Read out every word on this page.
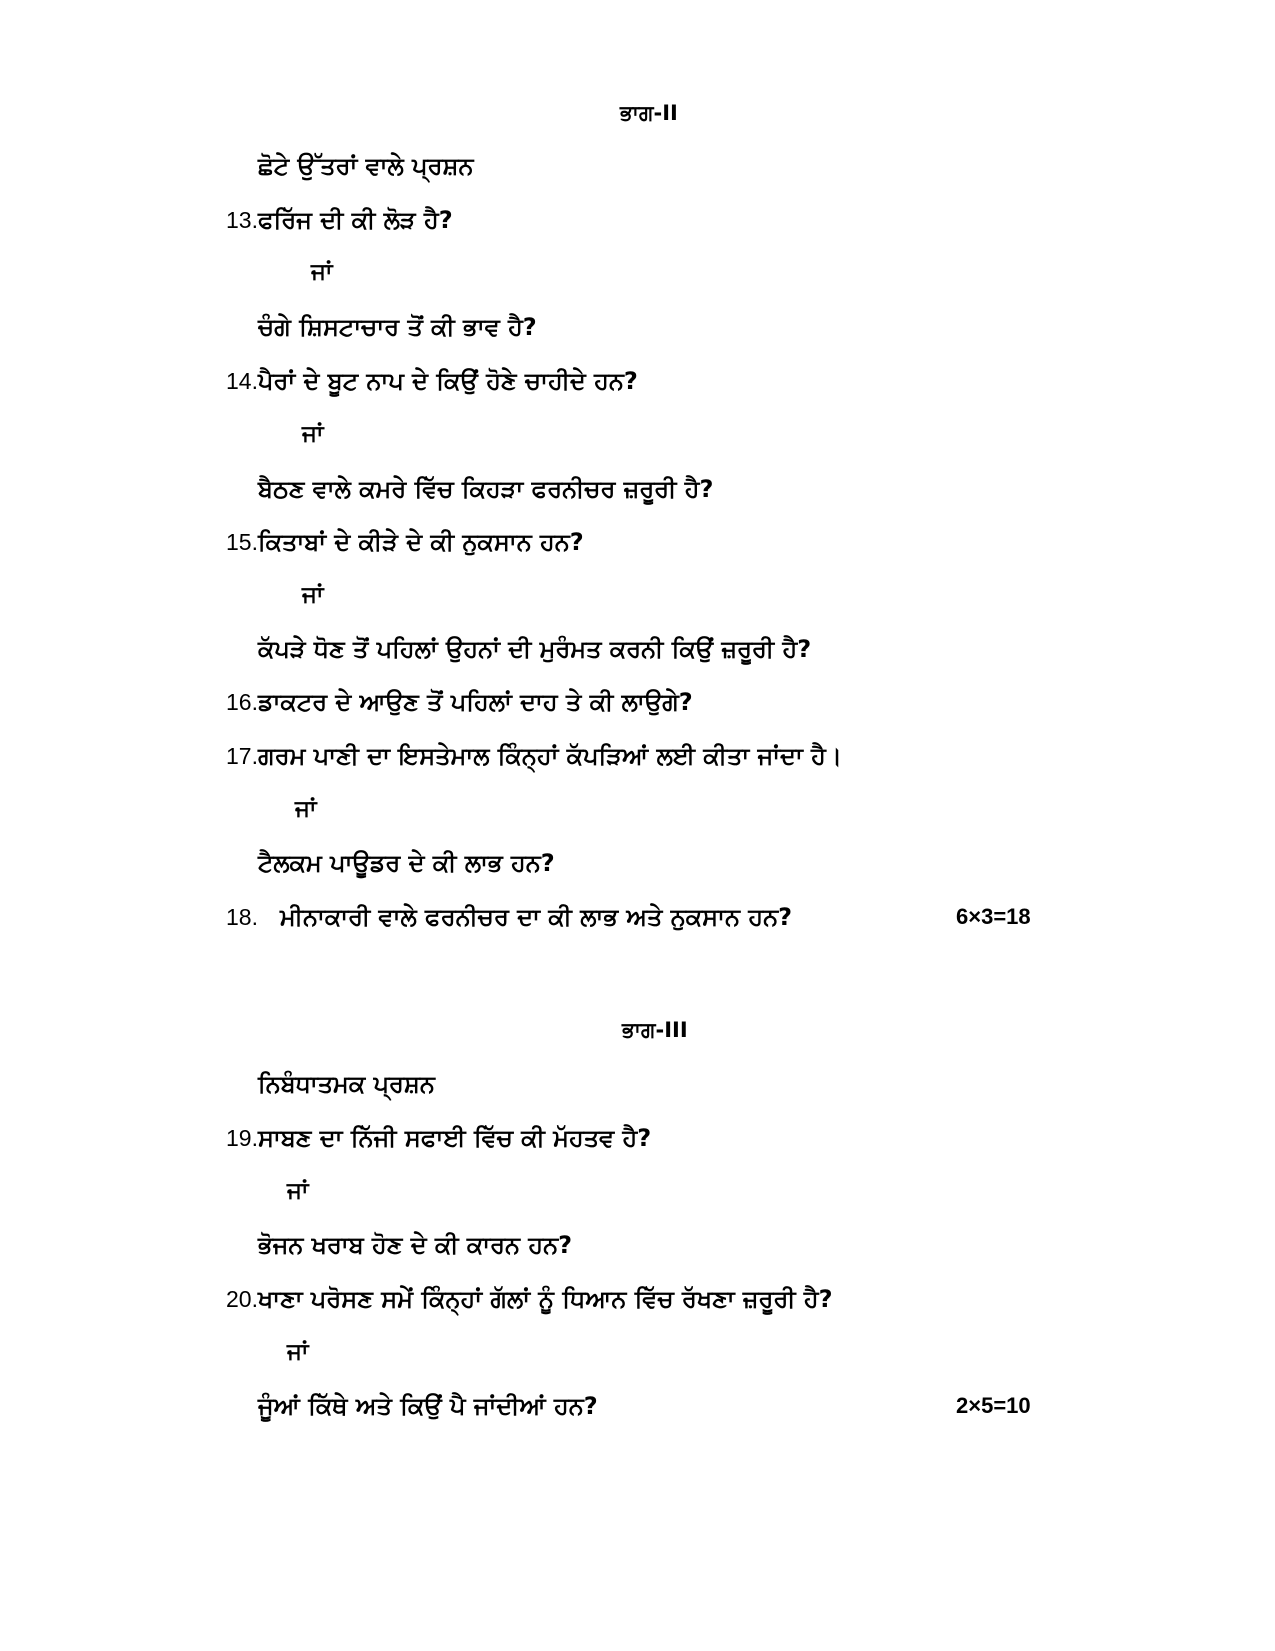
ਭਾਗ-II
ਛੋਟੇ ਉੱਤਰਾਂ ਵਾਲੇ ਪ੍ਰਸ਼ਨ
13.ਫਰਿੱਜ ਦੀ ਕੀ ਲੋੜ ਹੈ?
ਜਾਂ
ਚੰਗੇ ਸ਼ਿਸਟਾਚਾਰ ਤੋਂ ਕੀ ਭਾਵ ਹੈ?
14.ਪੈਰਾਂ ਦੇ ਬੂਟ ਨਾਪ ਦੇ ਕਿਉਂ ਹੋਣੇ ਚਾਹੀਦੇ ਹਨ?
ਜਾਂ
ਬੈਠਣ ਵਾਲੇ ਕਮਰੇ ਵਿੱਚ ਕਿਹੜਾ ਫਰਨੀਚਰ ਜ਼ਰੂਰੀ ਹੈ?
15.ਕਿਤਾਬਾਂ ਦੇ ਕੀੜੇ ਦੇ ਕੀ ਨੁਕਸਾਨ ਹਨ?
ਜਾਂ
ਕੱਪੜੇ ਧੋਣ ਤੋਂ ਪਹਿਲਾਂ ਉਹਨਾਂ ਦੀ ਮੁਰੰਮਤ ਕਰਨੀ ਕਿਉਂ ਜ਼ਰੂਰੀ ਹੈ?
16.ਡਾਕਟਰ ਦੇ ਆਉਣ ਤੋਂ ਪਹਿਲਾਂ ਦਾਹ ਤੇ ਕੀ ਲਾਉਗੇ?
17.ਗਰਮ ਪਾਣੀ ਦਾ ਇਸਤੇਮਾਲ ਕਿੰਨ੍ਹਾਂ ਕੱਪੜਿਆਂ ਲਈ ਕੀਤਾ ਜਾਂਦਾ ਹੈ।
ਜਾਂ
ਟੈਲਕਮ ਪਾਊਡਰ ਦੇ ਕੀ ਲਾਭ ਹਨ?
18. ਮੀਨਾਕਾਰੀ ਵਾਲੇ ਫਰਨੀਚਰ ਦਾ ਕੀ ਲਾਭ ਅਤੇ ਨੁਕਸਾਨ ਹਨ?	6×3=18
ਭਾਗ-III
ਨਿਬੰਧਾਤਮਕ ਪ੍ਰਸ਼ਨ
19.ਸਾਬਣ ਦਾ ਨਿੱਜੀ ਸਫਾਈ ਵਿੱਚ ਕੀ ਮੱਹਤਵ ਹੈ?
ਜਾਂ
ਭੋਜਨ ਖਰਾਬ ਹੋਣ ਦੇ ਕੀ ਕਾਰਨ ਹਨ?
20.ਖਾਣਾ ਪਰੋਸਣ ਸਮੇਂ ਕਿੰਨ੍ਹਾਂ ਗੱਲਾਂ ਨੂੰ ਧਿਆਨ ਵਿੱਚ ਰੱਖਣਾ ਜ਼ਰੂਰੀ ਹੈ?
ਜਾਂ
ਜੂੰਆਂ ਕਿੱਥੇ ਅਤੇ ਕਿਉਂ ਪੈ ਜਾਂਦੀਆਂ ਹਨ?	2×5=10
